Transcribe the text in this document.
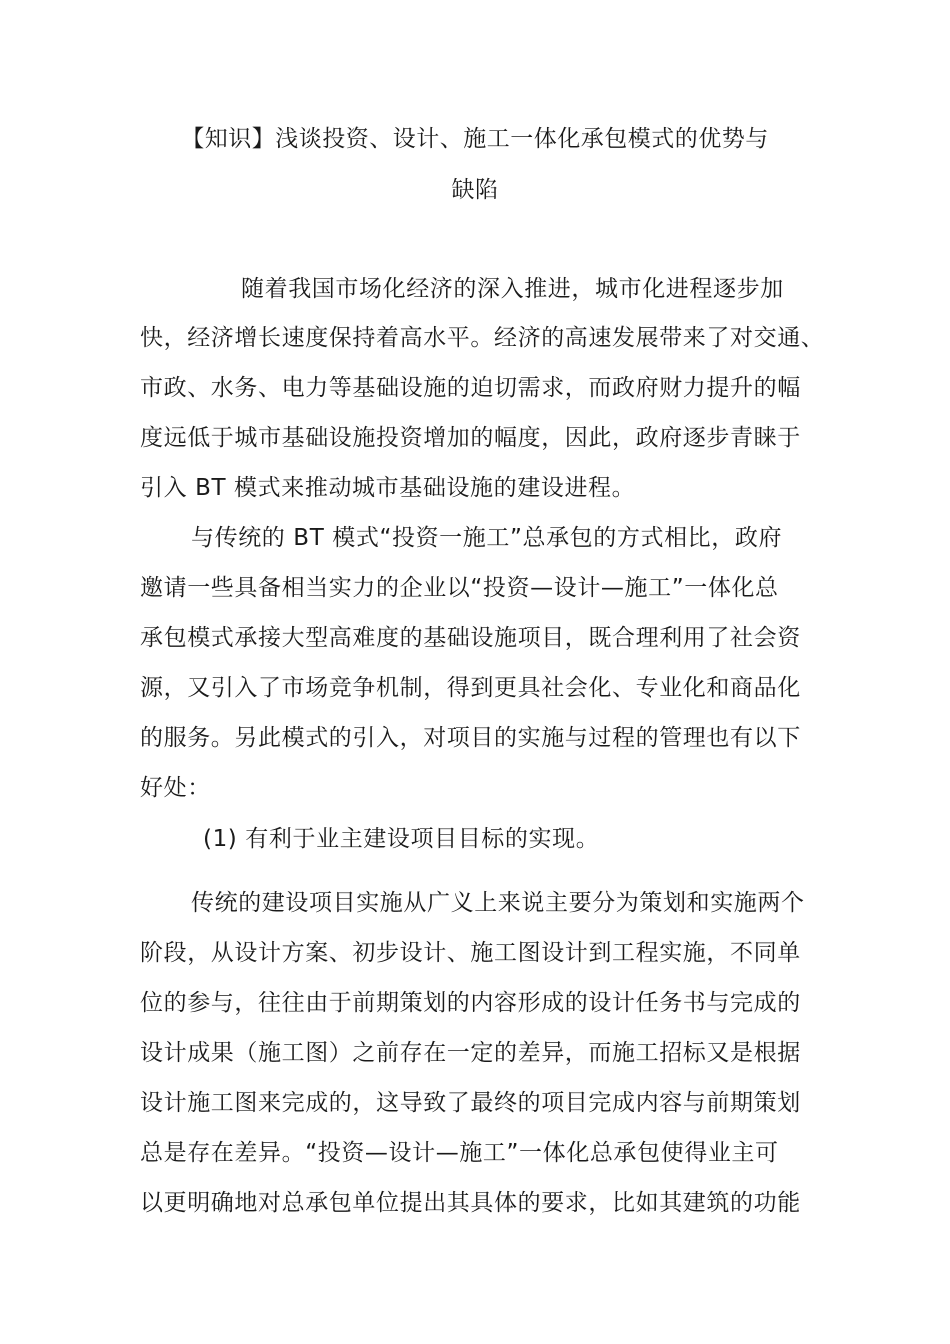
【知识】浅谈投资、设计、施工一体化承包模式的优势与
缺陷
随着我国市场化经济的深入推进，城市化进程逐步加
快，经济增长速度保持着高水平。经济的高速发展带来了对交通、
市政、水务、电力等基础设施的迫切需求，而政府财力提升的幅
度远低于城市基础设施投资增加的幅度，因此，政府逐步青睐于
引入 BT 模式来推动城市基础设施的建设进程。
与传统的 BT 模式“投资一施工”总承包的方式相比，政府
邀请一些具备相当实力的企业以“投资—设计—施工”一体化总
承包模式承接大型高难度的基础设施项目，既合理利用了社会资
源，又引入了市场竞争机制，得到更具社会化、专业化和商品化
的服务。另此模式的引入，对项目的实施与过程的管理也有以下
好处：
(1) 有利于业主建设项目目标的实现。
传统的建设项目实施从广义上来说主要分为策划和实施两个
阶段，从设计方案、初步设计、施工图设计到工程实施，不同单
位的参与，往往由于前期策划的内容形成的设计任务书与完成的
设计成果（施工图）之前存在一定的差异，而施工招标又是根据
设计施工图来完成的，这导致了最终的项目完成内容与前期策划
总是存在差异。“投资—设计—施工”一体化总承包使得业主可
以更明确地对总承包单位提出其具体的要求，比如其建筑的功能
